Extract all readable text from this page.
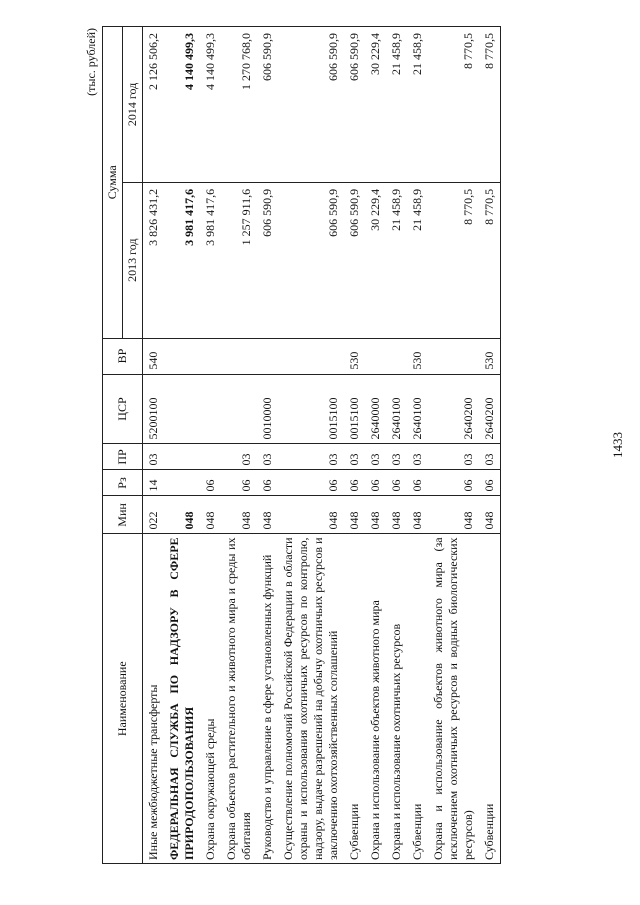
1433
(тыс. рублей)
Наименование	Мин	Рз	ПР	ЦСР	ВР	Сумма	
						2013 год	2014 год
Иные межбюджетные трансферты	022	14	03	5200100	540	3 826 431,2	2 126 506,2
ФЕДЕРАЛЬНАЯ СЛУЖБА ПО НАДЗОРУ В СФЕРЕ ПРИРОДОПОЛЬЗОВАНИЯ	048					3 981 417,6	4 140 499,3
Охрана окружающей среды	048	06				3 981 417,6	4 140 499,3
Охрана объектов растительного и животного мира и среды их обитания	048	06	03			1 257 911,6	1 270 768,0
Руководство и управление в сфере установленных функций	048	06	03	0010000		606 590,9	606 590,9
Осуществление полномочий Российской Федерации в области охраны и использования охотничьих ресурсов по контролю, надзору, выдаче разрешений на добычу охотничьих ресурсов и заключению охотхозяйственных соглашений	048	06	03	0015100		606 590,9	606 590,9
Субвенции	048	06	03	0015100	530	606 590,9	606 590,9
Охрана и использование объектов животного мира	048	06	03	2640000		30 229,4	30 229,4
Охрана и использование охотничьих ресурсов	048	06	03	2640100		21 458,9	21 458,9
Субвенции	048	06	03	2640100	530	21 458,9	21 458,9
Охрана и использование объектов животного мира (за исключением охотничьих ресурсов и водных биологических ресурсов)	048	06	03	2640200		8 770,5	8 770,5
Субвенции	048	06	03	2640200	530	8 770,5	8 770,5
